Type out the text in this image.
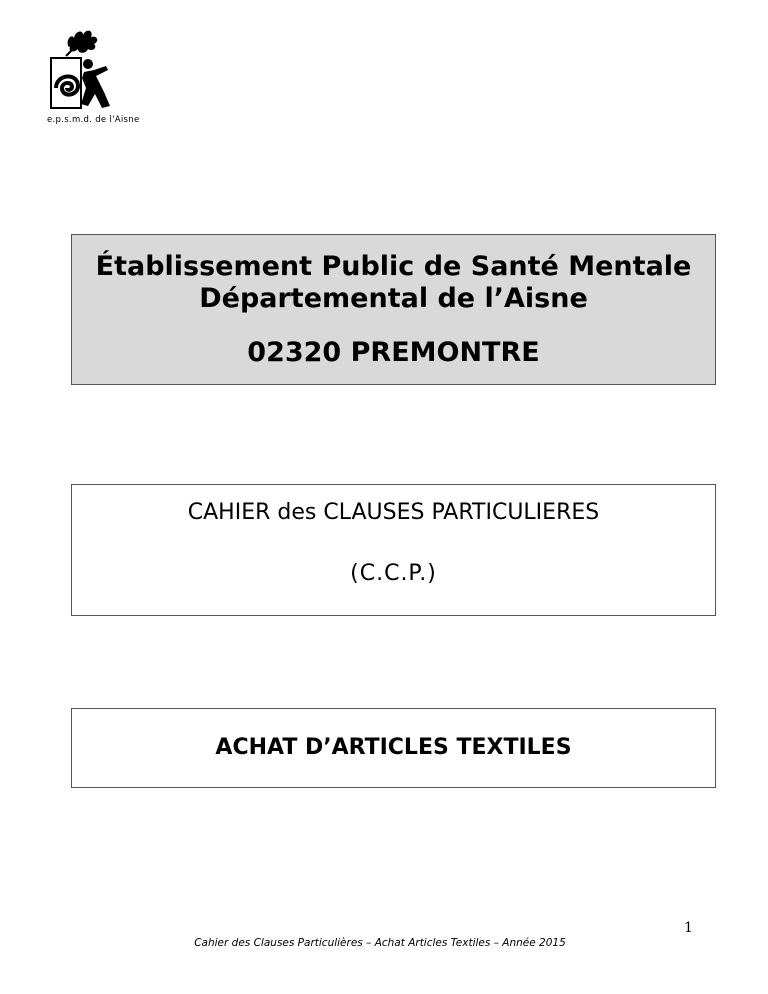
e.p.s.m.d. de l'Aisne
Établissement Public de Santé Mentale
Départemental de l’Aisne
02320 PREMONTRE
CAHIER des CLAUSES PARTICULIERES
(C.C.P.)
ACHAT D’ARTICLES TEXTILES
1
Cahier des Clauses Particulières – Achat Articles Textiles – Année 2015
